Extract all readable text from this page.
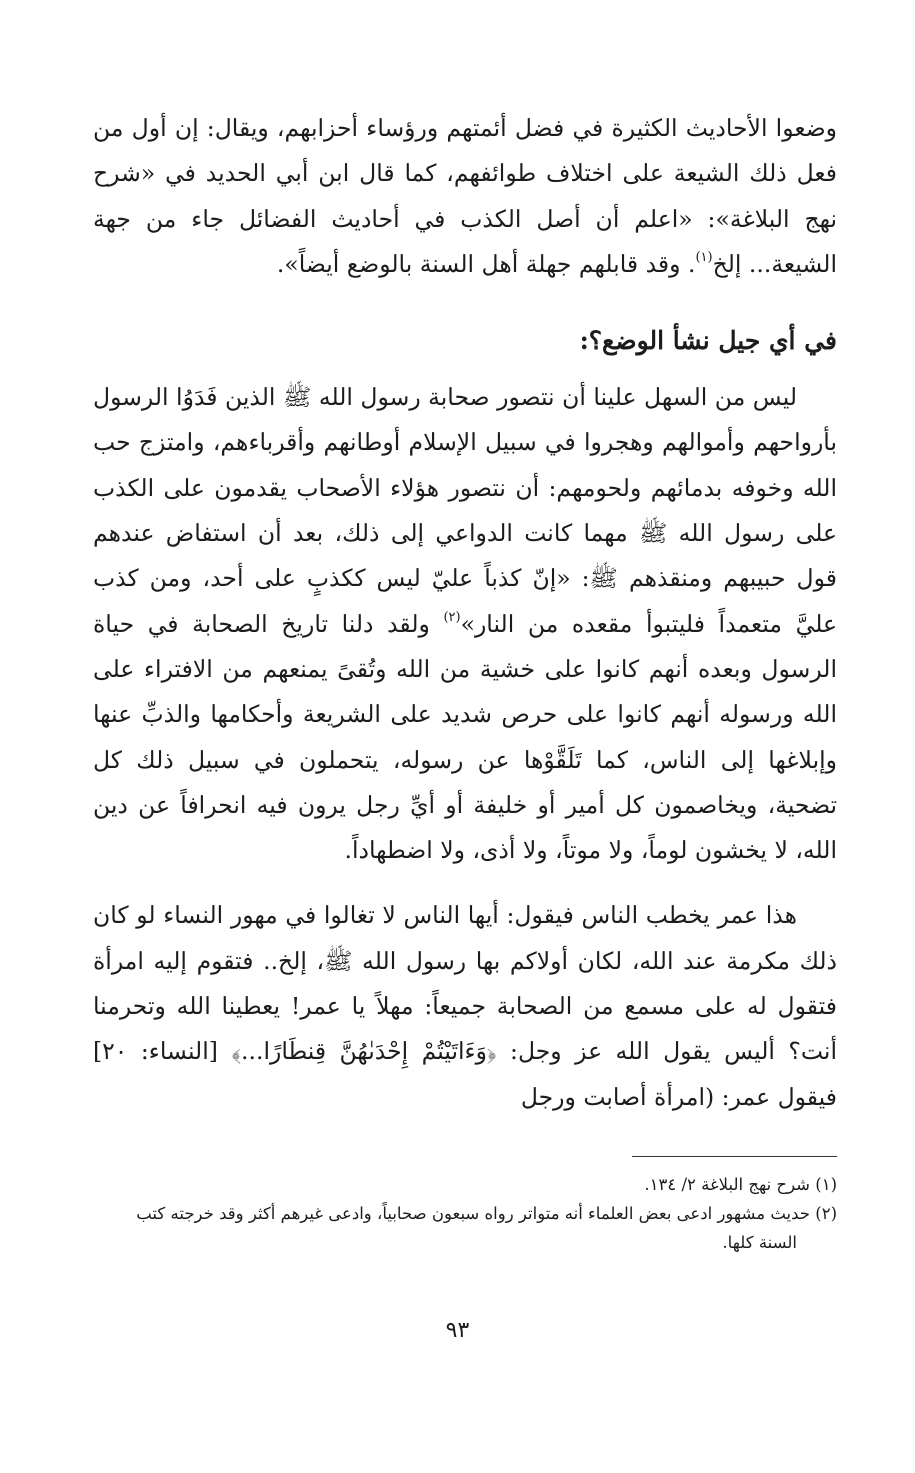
وضعوا الأحاديث الكثيرة في فضل أئمتهم ورؤساء أحزابهم، ويقال: إن أول من فعل ذلك الشيعة على اختلاف طوائفهم، كما قال ابن أبي الحديد في «شرح نهج البلاغة»: «اعلم أن أصل الكذب في أحاديث الفضائل جاء من جهة الشيعة... إلخ$^{(١)}$. وقد قابلهم جهلة أهل السنة بالوضع أيضاً».

في أي جيل نشأ الوضع؟:

ليس من السهل علينا أن نتصور صحابة رسول الله ﷺ الذين فَدَوُا الرسول بأرواحهم وأموالهم وهجروا في سبيل الإسلام أوطانهم وأقرباءهم، وامتزج حب الله وخوفه بدمائهم ولحومهم: أن نتصور هؤلاء الأصحاب يقدمون على الكذب على رسول الله ﷺ مهما كانت الدواعي إلى ذلك، بعد أن استفاض عندهم قول حبيبهم ومنقذهم ﷺ: «إنّ كذباً عليّ ليس ككذبٍ على أحد، ومن كذب عليَّ متعمداً فليتبوأ مقعده من النار»$^{(٢)}$ ولقد دلنا تاريخ الصحابة في حياة الرسول وبعده أنهم كانوا على خشية من الله وتُقىً يمنعهم من الافتراء على الله ورسوله أنهم كانوا على حرص شديد على الشريعة وأحكامها والذبِّ عنها وإبلاغها إلى الناس، كما تَلَقَّوْها عن رسوله، يتحملون في سبيل ذلك كل تضحية، ويخاصمون كل أمير أو خليفة أو أيِّ رجل يرون فيه انحرافاً عن دين الله، لا يخشون لوماً، ولا موتاً، ولا أذى، ولا اضطهاداً.

هذا عمر يخطب الناس فيقول: أيها الناس لا تغالوا في مهور النساء لو كان ذلك مكرمة عند الله، لكان أولاكم بها رسول الله ﷺ، إلخ.. فتقوم إليه امرأة فتقول له على مسمع من الصحابة جميعاً: مهلاً يا عمر! يعطينا الله وتحرمنا أنت؟ أليس يقول الله عز وجل: ﴿وَءَاتَيْتُمْ إِحْدَىٰهُنَّ قِنطَارًا...﴾ [النساء: ٢٠] فيقول عمر: (امرأة أصابت ورجل

(١) شرح نهج البلاغة ٢/ ١٣٤.

(٢) حديث مشهور ادعى بعض العلماء أنه متواتر رواه سبعون صحابياً، وادعى غيرهم أكثر وقد خرجته كتب السنة كلها.

٩٣
